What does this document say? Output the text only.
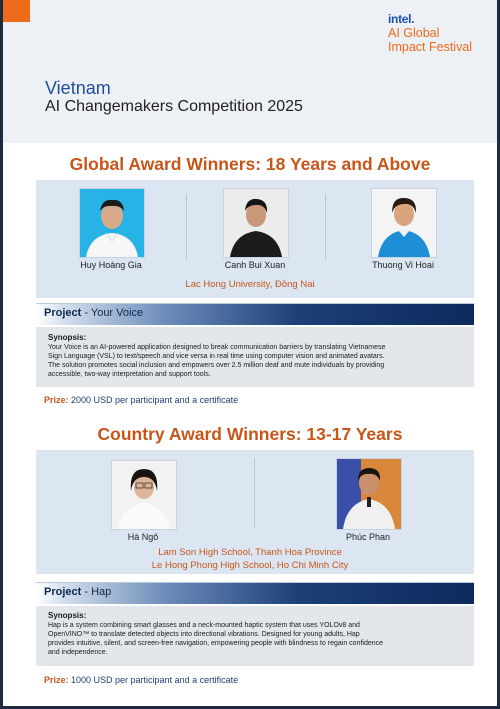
intel.
AI Global
Impact Festival
Vietnam
AI Changemakers Competition 2025
Global Award Winners: 18 Years and Above
Huy Hoàng Gia	Canh Bui Xuan	Thuong Vi Hoai
Lac Hong University, Đồng Nai
Project - Your Voice
Synopsis:
Your Voice is an AI-powered application designed to break communication barriers by translating Vietnamese
Sign Language (VSL) to text/speech and vice versa in real time using computer vision and animated avatars.
The solution promotes social inclusion and empowers over 2.5 million deaf and mute individuals by providing
accessible, two-way interpretation and support tools.
Prize: 2000 USD per participant and a certificate
Country Award Winners: 13-17 Years
Hà Ngô	Phúc Phan
Lam Son High School, Thanh Hoa Province
Le Hong Phong High School, Ho Chi Minh City
Project - Hap
Synopsis:
Hap is a system combining smart glasses and a neck-mounted haptic system that uses YOLOv8 and
OpenVINO™ to translate detected objects into directional vibrations. Designed for young adults, Hap
provides intuitive, silent, and screen-free navigation, empowering people with blindness to regain confidence
and independence.
Prize: 1000 USD per participant and a certificate
